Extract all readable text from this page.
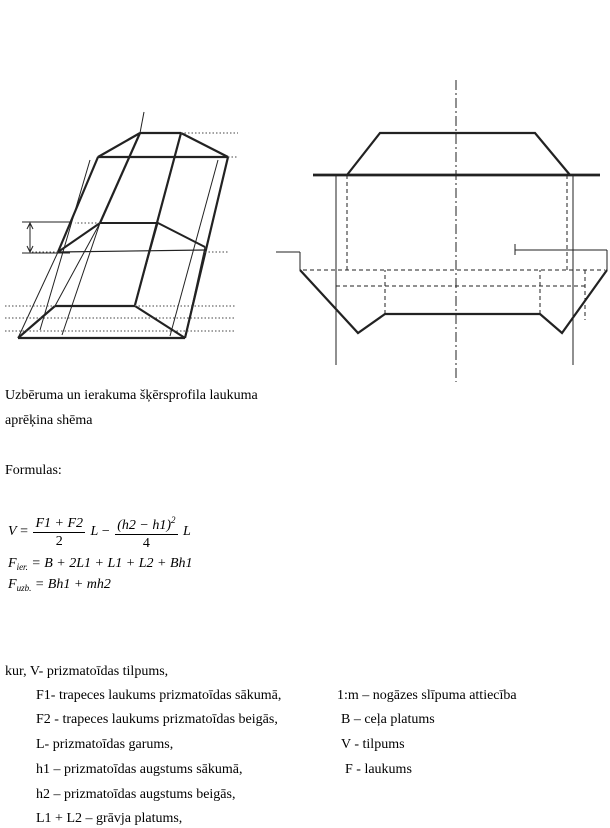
Uzbēruma un ierakuma šķērsprofila laukuma
aprēķina shēma
Formulas:
$V = \frac{F1 + F2}{2}$ $L - \frac{(h2 - h1)^2}{4}$ L
$F_{ier.} = B + 2L1 + L1 + L2 + Bh1$
$F_{uzb.} = Bh1 + mh2$
kur, V- prizmatoīdas tilpums,
F1- trapeces laukums prizmatoīdas sākumā,
F2 - trapeces laukums prizmatoīdas beigās,
L- prizmatoīdas garums,
h1 – prizmatoīdas augstums sākumā,
h2 – prizmatoīdas augstums beigās,
L1 + L2 – grāvja platums,
1:m – nogāzes slīpuma attiecība
B – ceļa platums
V - tilpums
F - laukums
